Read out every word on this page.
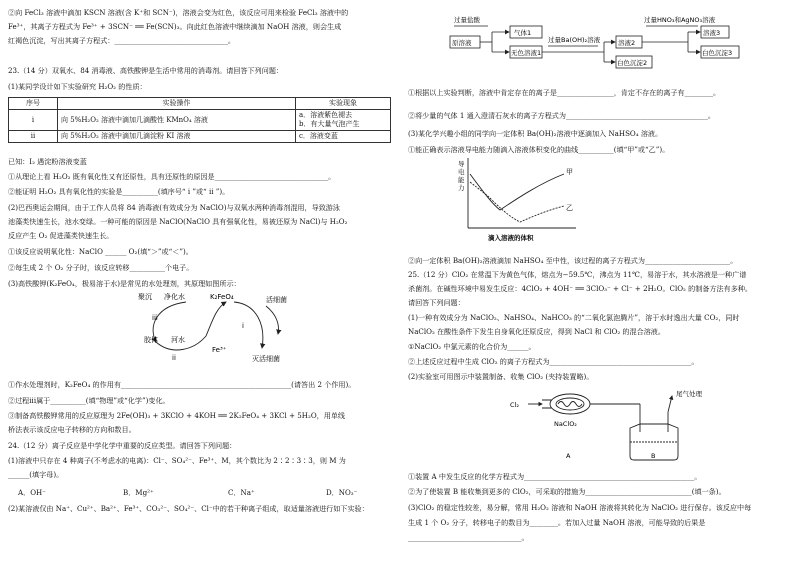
②向 FeCl₃ 溶液中滴加 KSCN 溶液(含 K⁺和 SCN⁻)，溶液会变为红色，该反应可用来检验 FeCl₃ 溶液中的
Fe³⁺，其离子方程式为 Fe³⁺ + 3SCN⁻ ══ Fe(SCN)₃。向此红色溶液中继续滴加 NaOH 溶液，则会生成
红褐色沉淀，写出其离子方程式：________________________________。
23.（14 分）双氧水、84 消毒液、高铁酸钾是生活中常用的消毒剂。请回答下列问题：
(1)某同学设计如下实验研究 H₂O₂ 的性质：
序号	实验操作	实验现象
i	向 5%H₂O₂ 溶液中滴加几滴酸性 KMnO₄ 溶液	a．溶液紫色褪去
b．有大量气泡产生

ii	向 5%H₂O₂ 溶液中滴加几滴淀粉 KI 溶液	c．溶液变蓝
已知：I₂ 遇淀粉溶液变蓝
①从理论上看 H₂O₂ 既有氧化性又有还原性，具有还原性的原因是________________________________。
②能证明 H₂O₂ 具有氧化性的实验是__________(填序号“ i ”或“ ii ”)。
(2)巴西奥运会期间，由于工作人员将 84 消毒液(有效成分为 NaClO)与双氧水两种消毒剂混用，导致游泳
池藻类快速生长，池水变绿。一种可能的原因是 NaClO(NaClO 具有强氧化性，易被还原为 NaCl)与 H₂O₂
反应产生 O₂ 促进藻类快速生长。
①该反应说明氧化性：NaClO ______ O₂(填“＞”或“＜”)。
②每生成 2 个 O₂ 分子时，该反应转移__________个电子。
(3)高铁酸钾(K₂FeO₄，极易溶于水)是常见的水处理剂，其原理如图所示：
聚沉 净化水	K₂FeO₄	活细菌
iii
i
ii
胶体 河水
Fe³⁺
灭活细菌
①作水处理剂时，K₂FeO₄ 的作用有________________________________________________(请答出 2 个作用)。
②过程iii属于__________(填“物理”或“化学”)变化。
③制备高铁酸钾常用的反应原理为 2Fe(OH)₃ + 3KClO + 4KOH ══ 2K₂FeO₄ + 3KCl + 5H₂O，用单线
桥法表示该反应电子转移的方向和数目。
24.（12 分）离子反应是中学化学中重要的反应类型。请回答下列问题：
(1)溶液中只存在 4 种离子(不考虑水的电离)：Cl⁻、SO₄²⁻、Fe³⁺、M，其个数比为 2∶2∶3∶3，则 M 为
______(填字母)。
A．OH⁻	B．Mg²⁺	C．Na⁺	D．NO₃⁻
(2)某溶液仅由 Na⁺、Cu²⁺、Ba²⁺、Fe³⁺、CO₃²⁻、SO₄²⁻、Cl⁻中的若干种离子组成，取适量溶液进行如下实验：
过量盐酸
原溶液
气体1
过量Ba(OH)₂溶液
无色溶液1
溶液2
白色沉淀2
过量HNO₃和AgNO₃溶液
溶液3
白色沉淀3
①根据以上实验判断，溶液中肯定存在的离子是________________，肯定不存在的离子有________。
②将少量的气体 1 通入澄清石灰水的离子方程式为________________________________________。
(3)某化学兴趣小组的同学向一定体积 Ba(OH)₂溶液中逐滴加入 NaHSO₄ 溶液。
①能正确表示溶液导电能力随滴入溶液体积变化的曲线__________(填“甲”或“乙”)。
导
电
能
力
甲
乙
滴入溶液的体积
②向一定体积 Ba(OH)₂溶液滴加 NaHSO₄ 至中性，该过程的离子方程式为________________________。
25.（12 分）ClO₂ 在常温下为黄色气体，熔点为−59.5℃，沸点为 11℃，易溶于水，其水溶液是一种广谱
杀菌剂。在碱性环境中易发生反应：4ClO₂ + 4OH⁻ ══ 3ClO₃⁻ + Cl⁻ + 2H₂O。ClO₂ 的制备方法有多种。
请回答下列问题：
(1)一种有效成分为 NaClO₂、NaHSO₄、NaHCO₃ 的“二氧化氯泡腾片”，溶于水时逸出大量 CO₂，同时
NaClO₂ 在酸性条件下发生自身氧化还原反应，得到 NaCl 和 ClO₂ 的混合溶液。
①NaClO₂ 中氯元素的化合价为______。
②上述反应过程中生成 ClO₂ 的离子方程式为________________________________________。
(2)实验室可用图示中装置制备、收集 ClO₂ (夹持装置略)。
Cl₂
NaClO₂
尾气处理
A	B
①装置 A 中发生反应的化学方程式为________________________________________________。
②为了使装置 B 能收集到更多的 ClO₂，可采取的措施为______________________________(填一条)。
(3)ClO₂ 的稳定性较差，易分解，常用 H₂O₂ 溶液和 NaOH 溶液将其转化为 NaClO₂ 进行保存。该反应中每
生成 1 个 O₂ 分子，转移电子的数目为________。若加入过量 NaOH 溶液，可能导致的后果是
________________________________。
